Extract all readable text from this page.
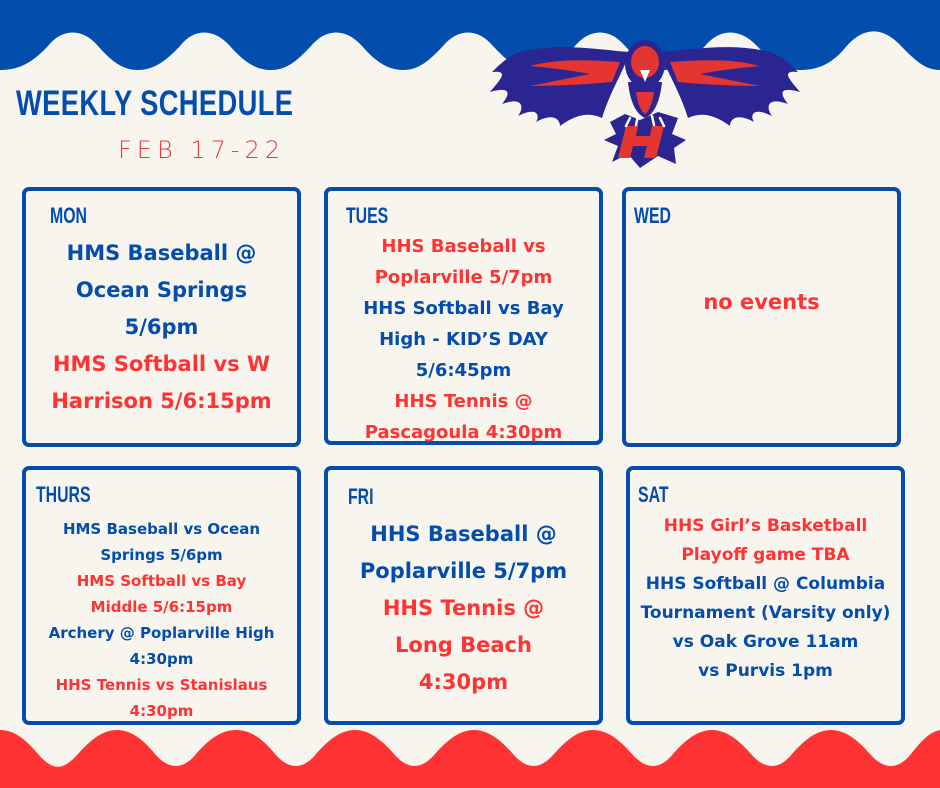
WEEKLY SCHEDULE
FEB 17-22
MON
HMS Baseball @ Ocean Springs 5/6pm
HMS Softball vs W Harrison 5/6:15pm
TUES
HHS Baseball vs Poplarville 5/7pm
HHS Softball vs Bay High - KID’S DAY 5/6:45pm
HHS Tennis @ Pascagoula 4:30pm
WED
no events
THURS
HMS Baseball vs Ocean Springs 5/6pm
HMS Softball vs Bay Middle 5/6:15pm
Archery @ Poplarville High 4:30pm
HHS Tennis vs Stanislaus 4:30pm
FRI
HHS Baseball @ Poplarville 5/7pm
HHS Tennis @ Long Beach 4:30pm
SAT
HHS Girl’s Basketball Playoff game TBA
HHS Softball @ Columbia Tournament (Varsity only)
vs Oak Grove 11am
vs Purvis 1pm
